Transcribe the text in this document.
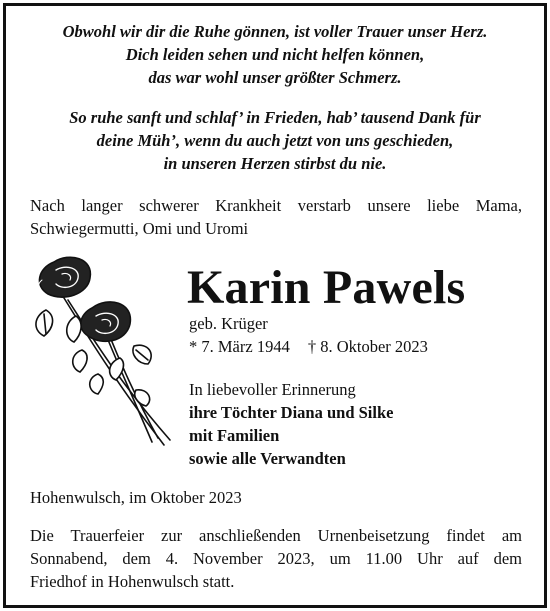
Obwohl wir dir die Ruhe gönnen, ist voller Trauer unser Herz.
Dich leiden sehen und nicht helfen können,
das war wohl unser größter Schmerz.
So ruhe sanft und schlaf’ in Frieden, hab’ tausend Dank für
deine Müh’, wenn du auch jetzt von uns geschieden,
in unseren Herzen stirbst du nie.
Nach langer schwerer Krankheit verstarb unsere liebe Mama, Schwiegermutti, Omi und Uromi
Karin Pawels
geb. Krüger
* 7. März 1944 † 8. Oktober 2023
In liebevoller Erinnerung
ihre Töchter Diana und Silke
mit Familien
sowie alle Verwandten
Hohenwulsch, im Oktober 2023
Die Trauerfeier zur anschließenden Urnenbeisetzung findet am
Sonnabend, dem 4. November 2023, um 11.00 Uhr auf dem
Friedhof in Hohenwulsch statt.
